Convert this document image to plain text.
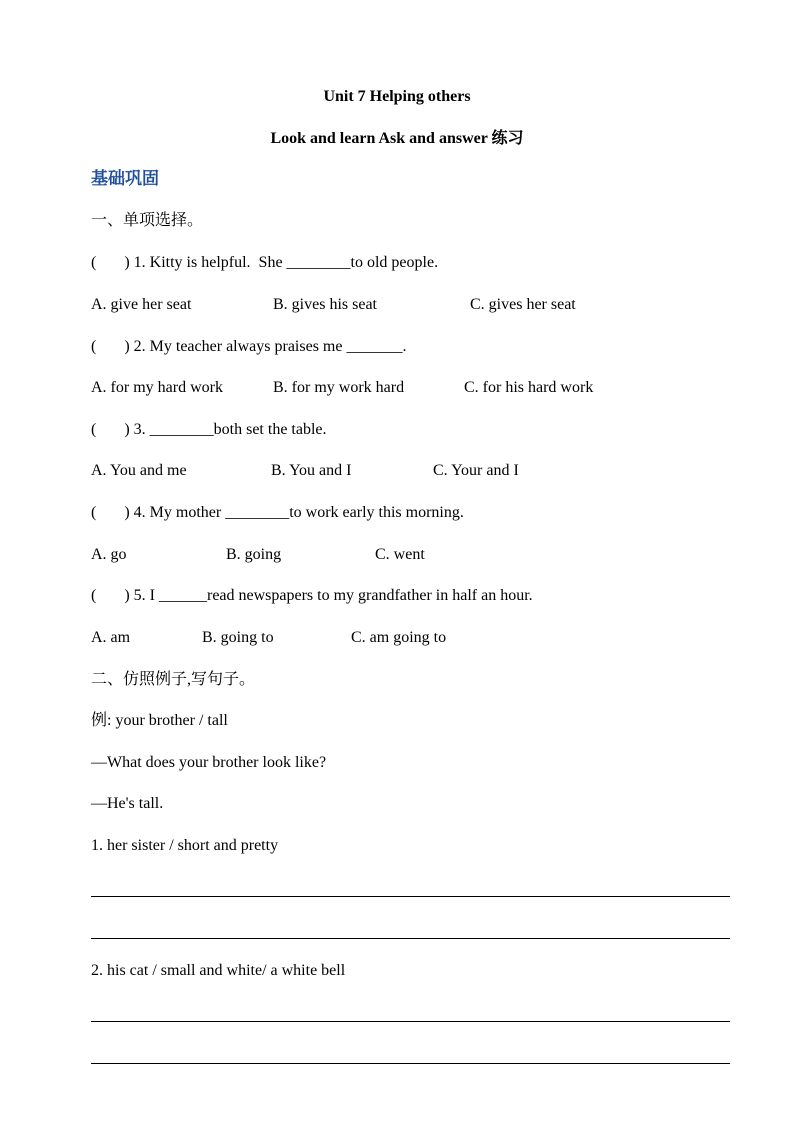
Unit 7 Helping others
Look and learn Ask and answer 练习
基础巩固
一、单项选择。
(       ) 1. Kitty is helpful.  She ________to old people.
A. give her seat	B. gives his seat	C. gives her seat
(       ) 2. My teacher always praises me _______.
A. for my hard work	B. for my work hard	C. for his hard work
(       ) 3. ________both set the table.
A. You and me	B. You and I	C. Your and I
(       ) 4. My mother ________to work early this morning.
A. go	B. going	C. went
(       ) 5. I ______read newspapers to my grandfather in half an hour.
A. am	B. going to	C. am going to
二、仿照例子,写句子。
例: your brother / tall
—What does your brother look like?
—He's tall.
1. her sister / short and pretty
2. his cat / small and white/ a white bell
